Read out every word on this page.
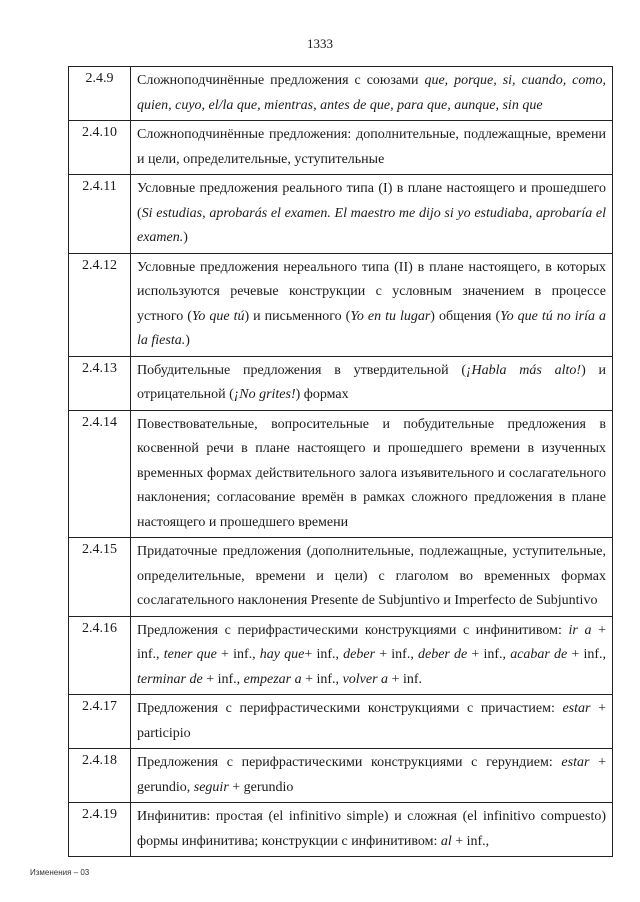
1333
2.4.9	Сложноподчинённые предложения с союзами que, porque, si, cuando, como, quien, cuyo, el/la que, mientras, antes de que, para que, aunque, sin que
2.4.10	Сложноподчинённые предложения: дополнительные, подлежащные, времени и цели, определительные, уступительные
2.4.11	Условные предложения реального типа (I) в плане настоящего и прошедшего (Si estudias, aprobarás el examen. El maestro me dijo si yo estudiaba, aprobaría el examen.)
2.4.12	Условные предложения нереального типа (II) в плане настоящего, в которых используются речевые конструкции с условным значением в процессе устного (Yo que tú) и письменного (Yo en tu lugar) общения (Yo que tú no iría a la fiesta.)
2.4.13	Побудительные предложения в утвердительной (¡Habla más alto!) и отрицательной (¡No grites!) формах
2.4.14	Повествовательные, вопросительные и побудительные предложения в косвенной речи в плане настоящего и прошедшего времени в изученных временных формах действительного залога изъявительного и сослагательного наклонения; согласование времён в рамках сложного предложения в плане настоящего и прошедшего времени
2.4.15	Придаточные предложения (дополнительные, подлежащные, уступительные, определительные, времени и цели) с глаголом во временных формах сослагательного наклонения Presente de Subjuntivo и Imperfecto de Subjuntivo
2.4.16	Предложения с перифрастическими конструкциями с инфинитивом: ir a + inf., tener que + inf., hay que+ inf., deber + inf., deber de + inf., acabar de + inf., terminar de + inf., empezar a + inf., volver a + inf.
2.4.17	Предложения с перифрастическими конструкциями с причастием: estar + participio
2.4.18	Предложения с перифрастическими конструкциями с герундием: estar + gerundio, seguir + gerundio
2.4.19	Инфинитив: простая (el infinitivo simple) и сложная (el infinitivo compuesto) формы инфинитива; конструкции с инфинитивом: al + inf.,
Изменения – 03
